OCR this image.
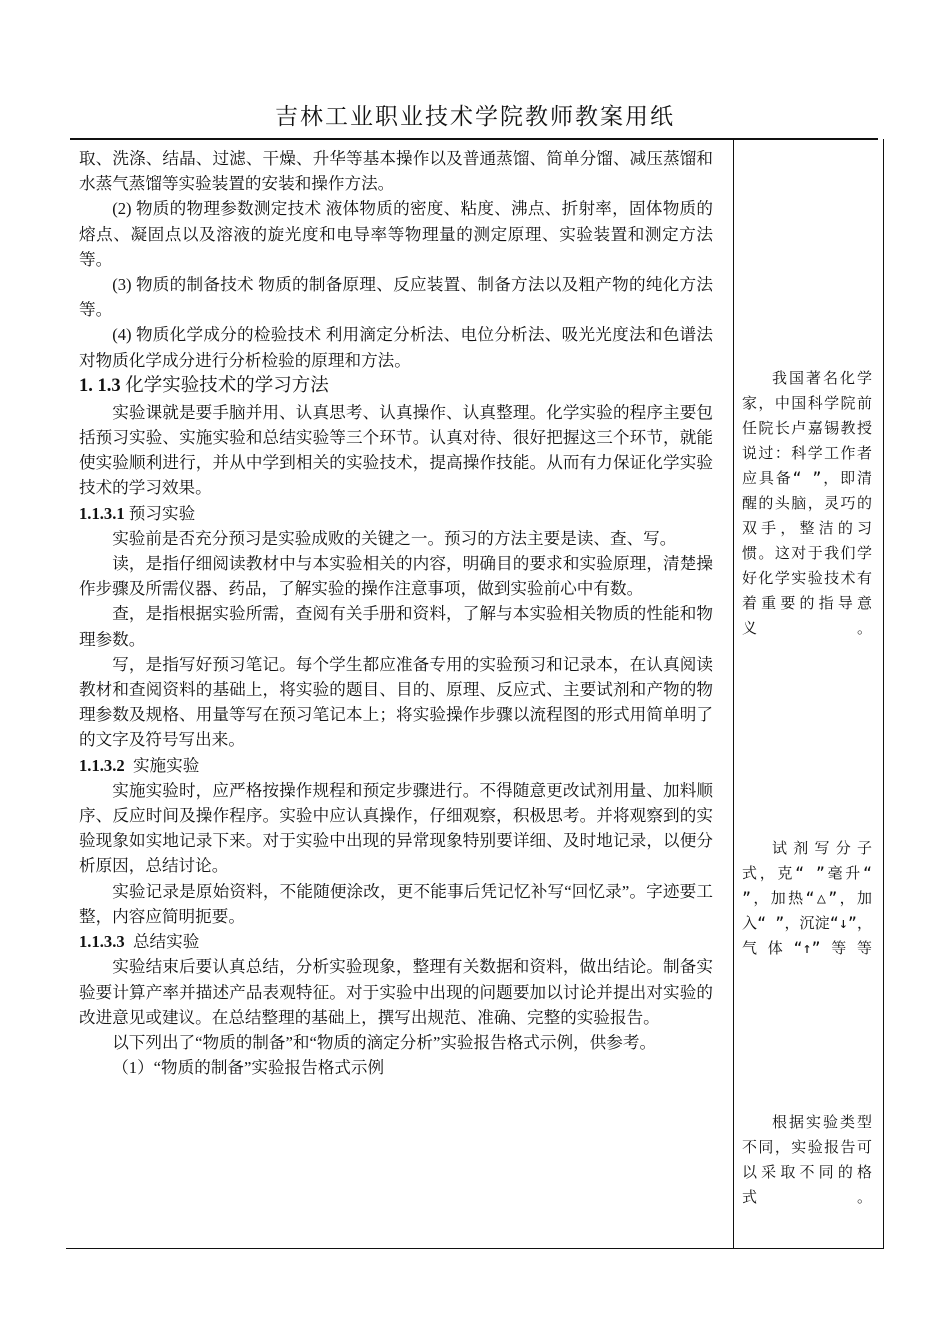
吉林工业职业技术学院教师教案用纸

取、洗涤、结晶、过滤、干燥、升华等基本操作以及普通蒸馏、简单分馏、减压蒸馏和水蒸气蒸馏等实验装置的安装和操作方法。

(2) 物质的物理参数测定技术 液体物质的密度、粘度、沸点、折射率，固体物质的熔点、凝固点以及溶液的旋光度和电导率等物理量的测定原理、实验装置和测定方法等。

(3) 物质的制备技术 物质的制备原理、反应装置、制备方法以及粗产物的纯化方法等。

(4) 物质化学成分的检验技术 利用滴定分析法、电位分析法、吸光光度法和色谱法对物质化学成分进行分析检验的原理和方法。

1. 1.3 化学实验技术的学习方法

实验课就是要手脑并用、认真思考、认真操作、认真整理。化学实验的程序主要包括预习实验、实施实验和总结实验等三个环节。认真对待、很好把握这三个环节，就能使实验顺利进行，并从中学到相关的实验技术，提高操作技能。从而有力保证化学实验技术的学习效果。

1.1.3.1 预习实验

实验前是否充分预习是实验成败的关键之一。预习的方法主要是读、查、写。

读，是指仔细阅读教材中与本实验相关的内容，明确目的要求和实验原理，清楚操作步骤及所需仪器、药品，了解实验的操作注意事项，做到实验前心中有数。

查，是指根据实验所需，查阅有关手册和资料，了解与本实验相关物质的性能和物理参数。

写，是指写好预习笔记。每个学生都应准备专用的实验预习和记录本，在认真阅读教材和查阅资料的基础上，将实验的题目、目的、原理、反应式、主要试剂和产物的物理参数及规格、用量等写在预习笔记本上；将实验操作步骤以流程图的形式用简单明了的文字及符号写出来。

1.1.3.2 实施实验

实施实验时，应严格按操作规程和预定步骤进行。不得随意更改试剂用量、加料顺序、反应时间及操作程序。实验中应认真操作，仔细观察，积极思考。并将观察到的实验现象如实地记录下来。对于实验中出现的异常现象特别要详细、及时地记录，以便分析原因，总结讨论。

实验记录是原始资料，不能随便涂改，更不能事后凭记忆补写“回忆录”。字迹要工整，内容应简明扼要。

1.1.3.3 总结实验

实验结束后要认真总结，分析实验现象，整理有关数据和资料，做出结论。制备实验要计算产率并描述产品表观特征。对于实验中出现的问题要加以讨论并提出对实验的改进意见或建议。在总结整理的基础上，撰写出规范、准确、完整的实验报告。

以下列出了“物质的制备”和“物质的滴定分析”实验报告格式示例，供参考。

（1）“物质的制备”实验报告格式示例

我国著名化学家，中国科学院前任院长卢嘉锡教授说过：科学工作者应具备“ ”，即清醒的头脑，灵巧的双手，整洁的习惯。这对于我们学好化学实验技术有着重要的指导意义。

试剂写分子式，克“ ”毫升“ ”，加热“△”，加入“ ”，沉淀“↓”，气体“↑”等等

根据实验类型不同，实验报告可以采取不同的格式。
